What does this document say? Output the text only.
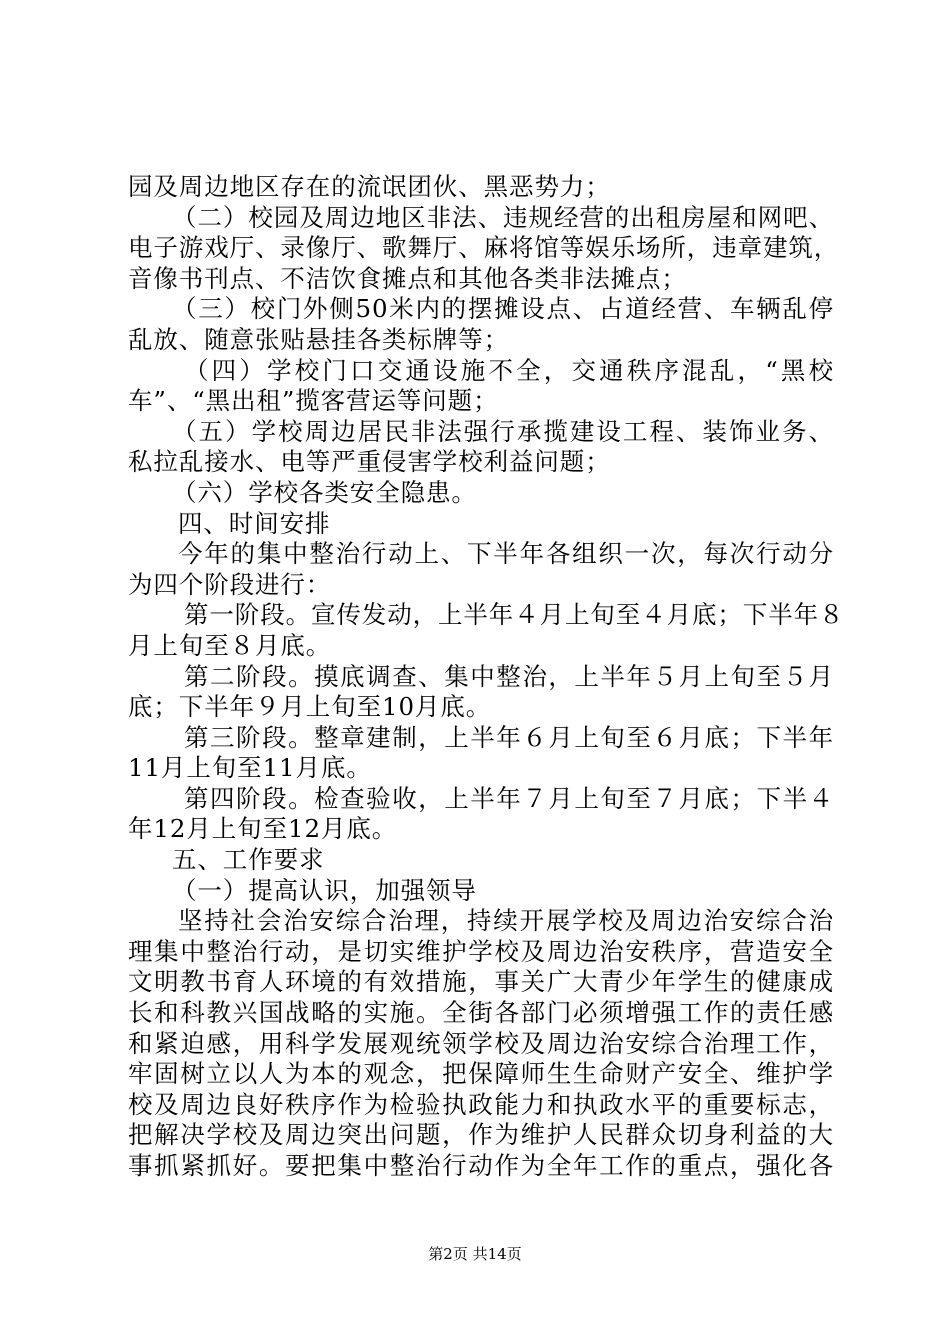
园及周边地区存在的流氓团伙、黑恶势力；
（二）校园及周边地区非法、违规经营的出租房屋和网吧、
电子游戏厅、录像厅、歌舞厅、麻将馆等娱乐场所，违章建筑，
音像书刊点、不洁饮食摊点和其他各类非法摊点；
（三）校门外侧50米内的摆摊设点、占道经营、车辆乱停
乱放、随意张贴悬挂各类标牌等；
（四）学校门口交通设施不全，交通秩序混乱，“黑校
车”、“黑出租”揽客营运等问题；
（五）学校周边居民非法强行承揽建设工程、装饰业务、
私拉乱接水、电等严重侵害学校利益问题；
（六）学校各类安全隐患。
四、时间安排
今年的集中整治行动上、下半年各组织一次，每次行动分
为四个阶段进行：
第一阶段。宣传发动，上半年４月上旬至４月底；下半年８
月上旬至８月底。
第二阶段。摸底调查、集中整治，上半年５月上旬至５月
底；下半年９月上旬至10月底。
第三阶段。整章建制，上半年６月上旬至６月底；下半年
11月上旬至11月底。
第四阶段。检查验收，上半年７月上旬至７月底；下半４
年12月上旬至12月底。
五、工作要求
（一）提高认识，加强领导
坚持社会治安综合治理，持续开展学校及周边治安综合治
理集中整治行动，是切实维护学校及周边治安秩序，营造安全
文明教书育人环境的有效措施，事关广大青少年学生的健康成
长和科教兴国战略的实施。全街各部门必须增强工作的责任感
和紧迫感，用科学发展观统领学校及周边治安综合治理工作，
牢固树立以人为本的观念，把保障师生生命财产安全、维护学
校及周边良好秩序作为检验执政能力和执政水平的重要标志，
把解决学校及周边突出问题，作为维护人民群众切身利益的大
事抓紧抓好。要把集中整治行动作为全年工作的重点，强化各
第2页 共14页
